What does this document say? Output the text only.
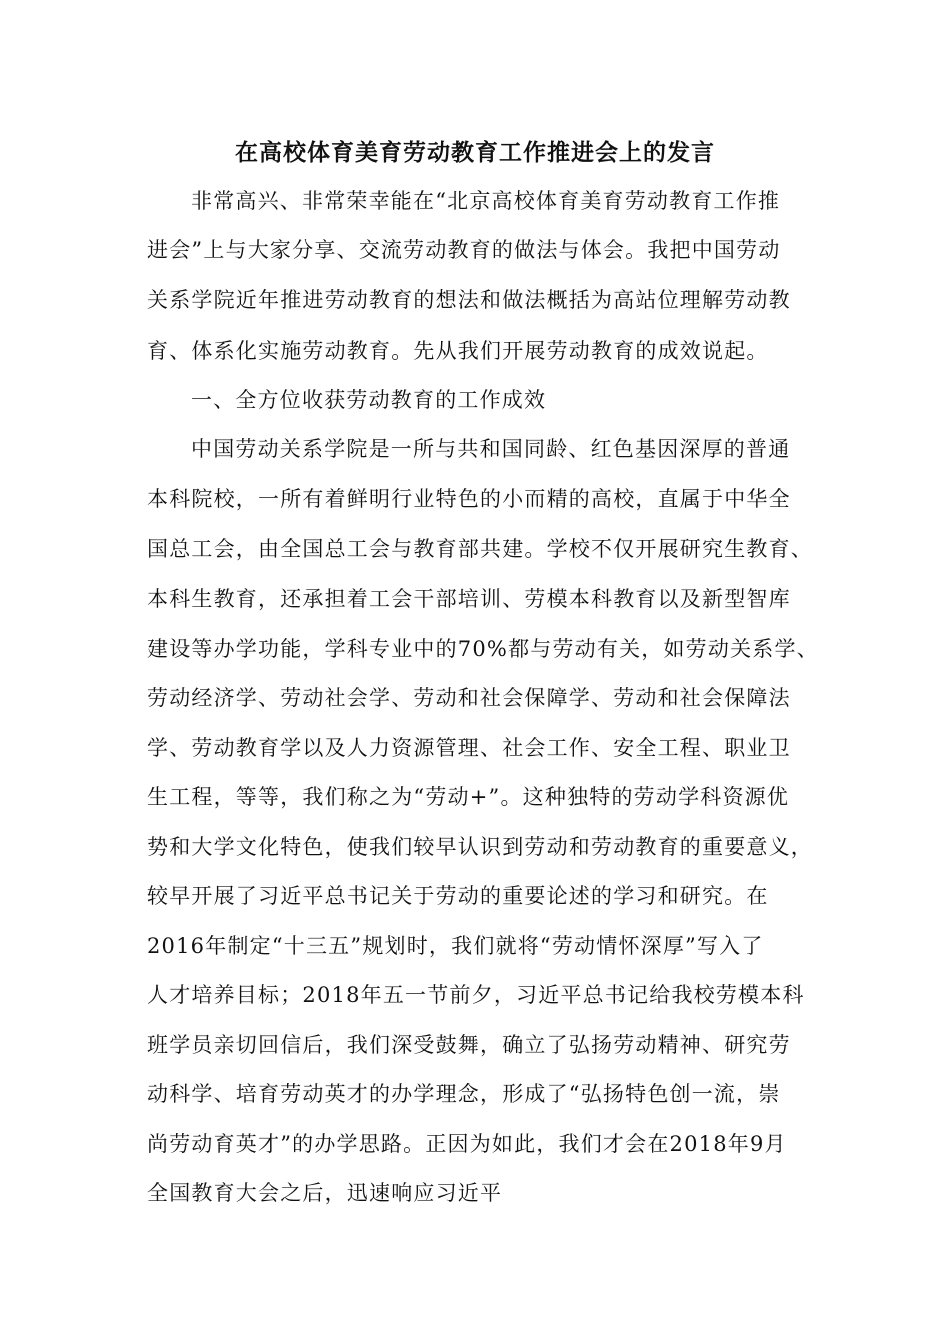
在高校体育美育劳动教育工作推进会上的发言
非常高兴、非常荣幸能在“北京高校体育美育劳动教育工作推
进会”上与大家分享、交流劳动教育的做法与体会。我把中国劳动
关系学院近年推进劳动教育的想法和做法概括为高站位理解劳动教
育、体系化实施劳动教育。先从我们开展劳动教育的成效说起。
一、全方位收获劳动教育的工作成效
中国劳动关系学院是一所与共和国同龄、红色基因深厚的普通
本科院校，一所有着鲜明行业特色的小而精的高校，直属于中华全
国总工会，由全国总工会与教育部共建。学校不仅开展研究生教育、
本科生教育，还承担着工会干部培训、劳模本科教育以及新型智库
建设等办学功能，学科专业中的70%都与劳动有关，如劳动关系学、
劳动经济学、劳动社会学、劳动和社会保障学、劳动和社会保障法
学、劳动教育学以及人力资源管理、社会工作、安全工程、职业卫
生工程，等等，我们称之为“劳动+”。这种独特的劳动学科资源优
势和大学文化特色，使我们较早认识到劳动和劳动教育的重要意义，
较早开展了习近平总书记关于劳动的重要论述的学习和研究。在
2016年制定“十三五”规划时，我们就将“劳动情怀深厚”写入了
人才培养目标；2018年五一节前夕，习近平总书记给我校劳模本科
班学员亲切回信后，我们深受鼓舞，确立了弘扬劳动精神、研究劳
动科学、培育劳动英才的办学理念，形成了“弘扬特色创一流，崇
尚劳动育英才”的办学思路。正因为如此，我们才会在2018年9月
全国教育大会之后，迅速响应习近平
